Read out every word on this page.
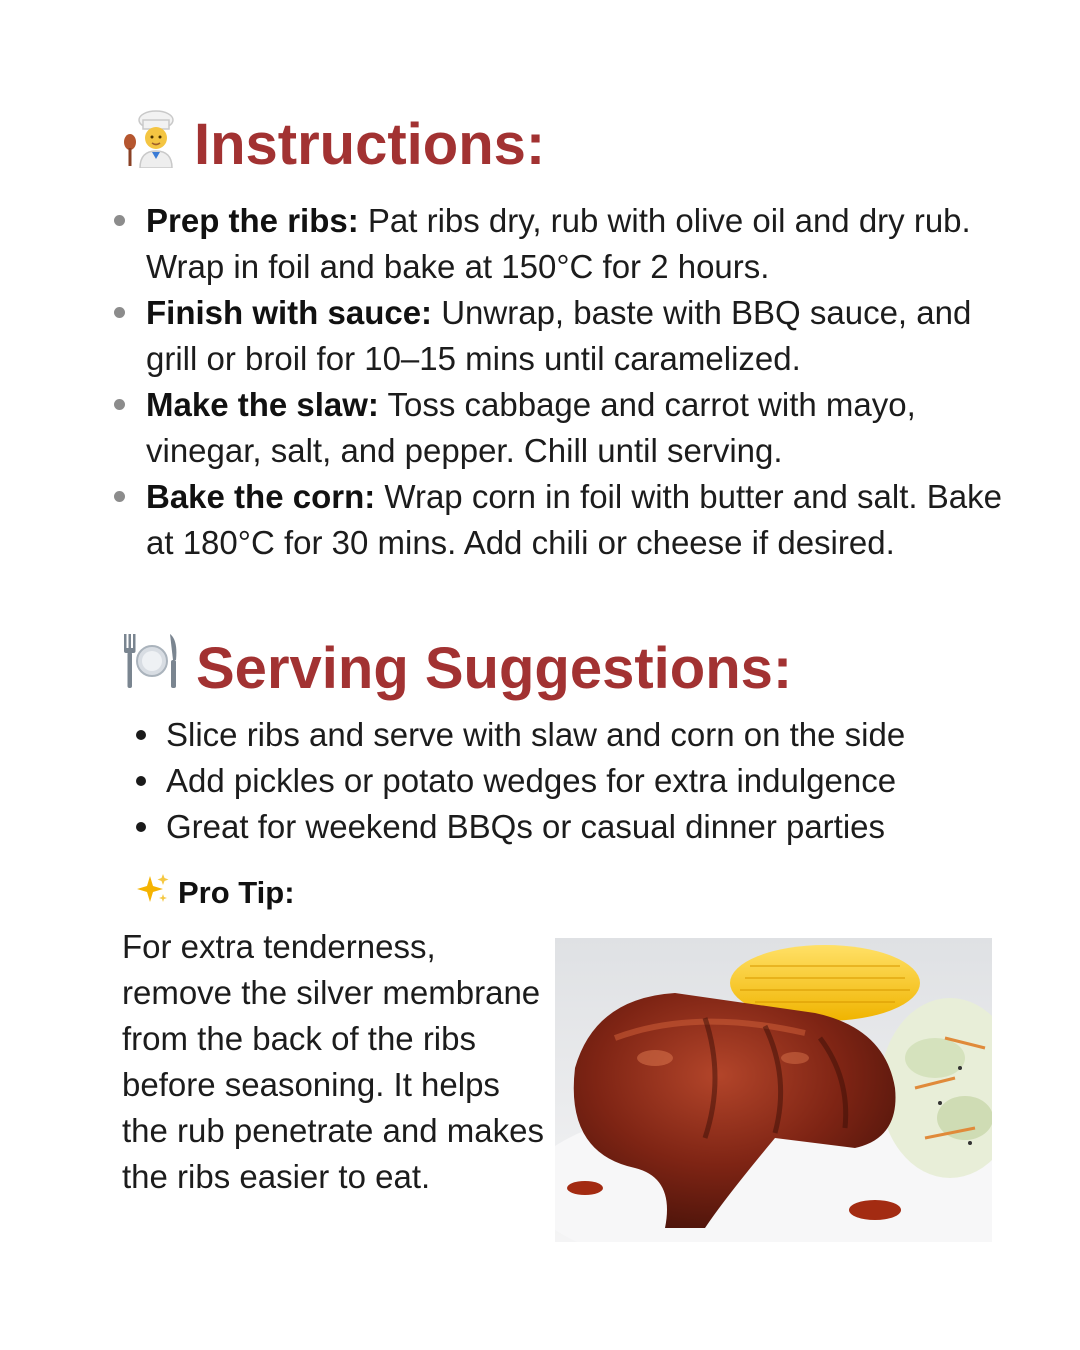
Instructions:
Prep the ribs: Pat ribs dry, rub with olive oil and dry rub. Wrap in foil and bake at 150°C for 2 hours.
Finish with sauce: Unwrap, baste with BBQ sauce, and grill or broil for 10–15 mins until caramelized.
Make the slaw: Toss cabbage and carrot with mayo, vinegar, salt, and pepper. Chill until serving.
Bake the corn: Wrap corn in foil with butter and salt. Bake at 180°C for 30 mins. Add chili or cheese if desired.
Serving Suggestions:
Slice ribs and serve with slaw and corn on the side
Add pickles or potato wedges for extra indulgence
Great for weekend BBQs or casual dinner parties
Pro Tip:

For extra tenderness, remove the silver membrane from the back of the ribs before seasoning. It helps the rub penetrate and makes the ribs easier to eat.
